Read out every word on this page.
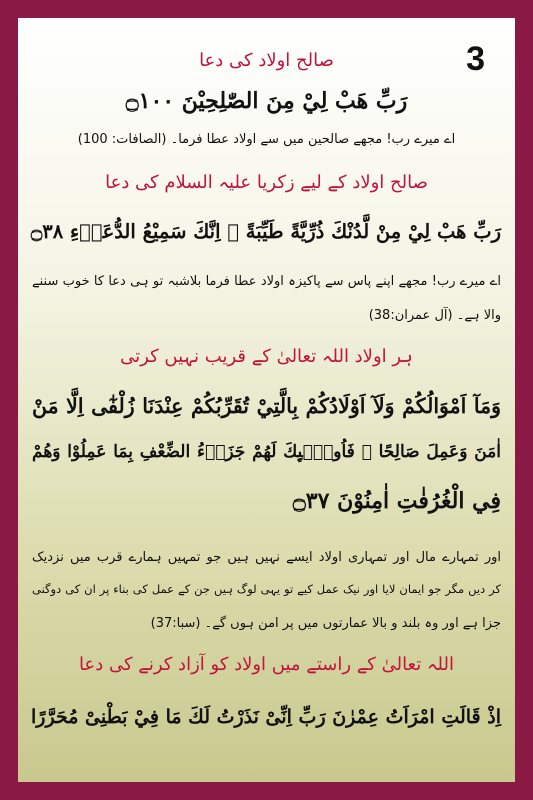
3
صالح اولاد کی دعا
رَبِّ هَبْ لِيْ مِنَ الصّٰلِحِيْنَ ۝١٠٠
اے میرے رب! مجھے صالحین میں سے اولاد عطا فرما۔ (الصافات: 100)
صالح اولاد کے لیے زکریا علیہ السلام کی دعا
رَبِّ هَبْ لِيْ مِنْ لَّدُنْكَ ذُرِّيَّةً طَيِّبَةً ۚ اِنَّكَ سَمِيْعُ الدُّعَاۗءِ ۝٣٨
اے میرے رب! مجھے اپنے پاس سے پاکیزہ اولاد عطا فرما بلاشبہ تو ہی دعا کا خوب سننے
والا ہے۔ (آل عمران:38)
ہر اولاد اللہ تعالیٰ کے قریب نہیں کرتی
وَمَآ اَمْوَالُكُمْ وَلَآ اَوْلَادُكُمْ بِالَّتِيْ تُقَرِّبُكُمْ عِنْدَنَا زُلْفٰٓى اِلَّا مَنْ
اٰمَنَ وَعَمِلَ صَالِحًا ۡ فَاُولٰۗىِٕكَ لَهُمْ جَزَاۗءُ الضِّعْفِ بِمَا عَمِلُوْا وَهُمْ
فِي الْغُرُفٰتِ اٰمِنُوْنَ ۝٣٧
اور تمہارے مال اور تمہاری اولاد ایسے نہیں ہیں جو تمہیں ہمارے قرب میں نزدیک
کر دیں مگر جو ایمان لایا اور نیک عمل کیے تو یہی لوگ ہیں جن کے عمل کی بناء پر ان کی دوگنی
جزا ہے اور وہ بلند و بالا عمارتوں میں پر امن ہوں گے۔ (سبا:37)
اللہ تعالیٰ کے راستے میں اولاد کو آزاد کرنے کی دعا
اِذْ قَالَتِ امْرَاَتُ عِمْرٰنَ رَبِّ اِنِّىْ نَذَرْتُ لَكَ مَا فِيْ بَطْنِىْ مُحَرَّرًا
